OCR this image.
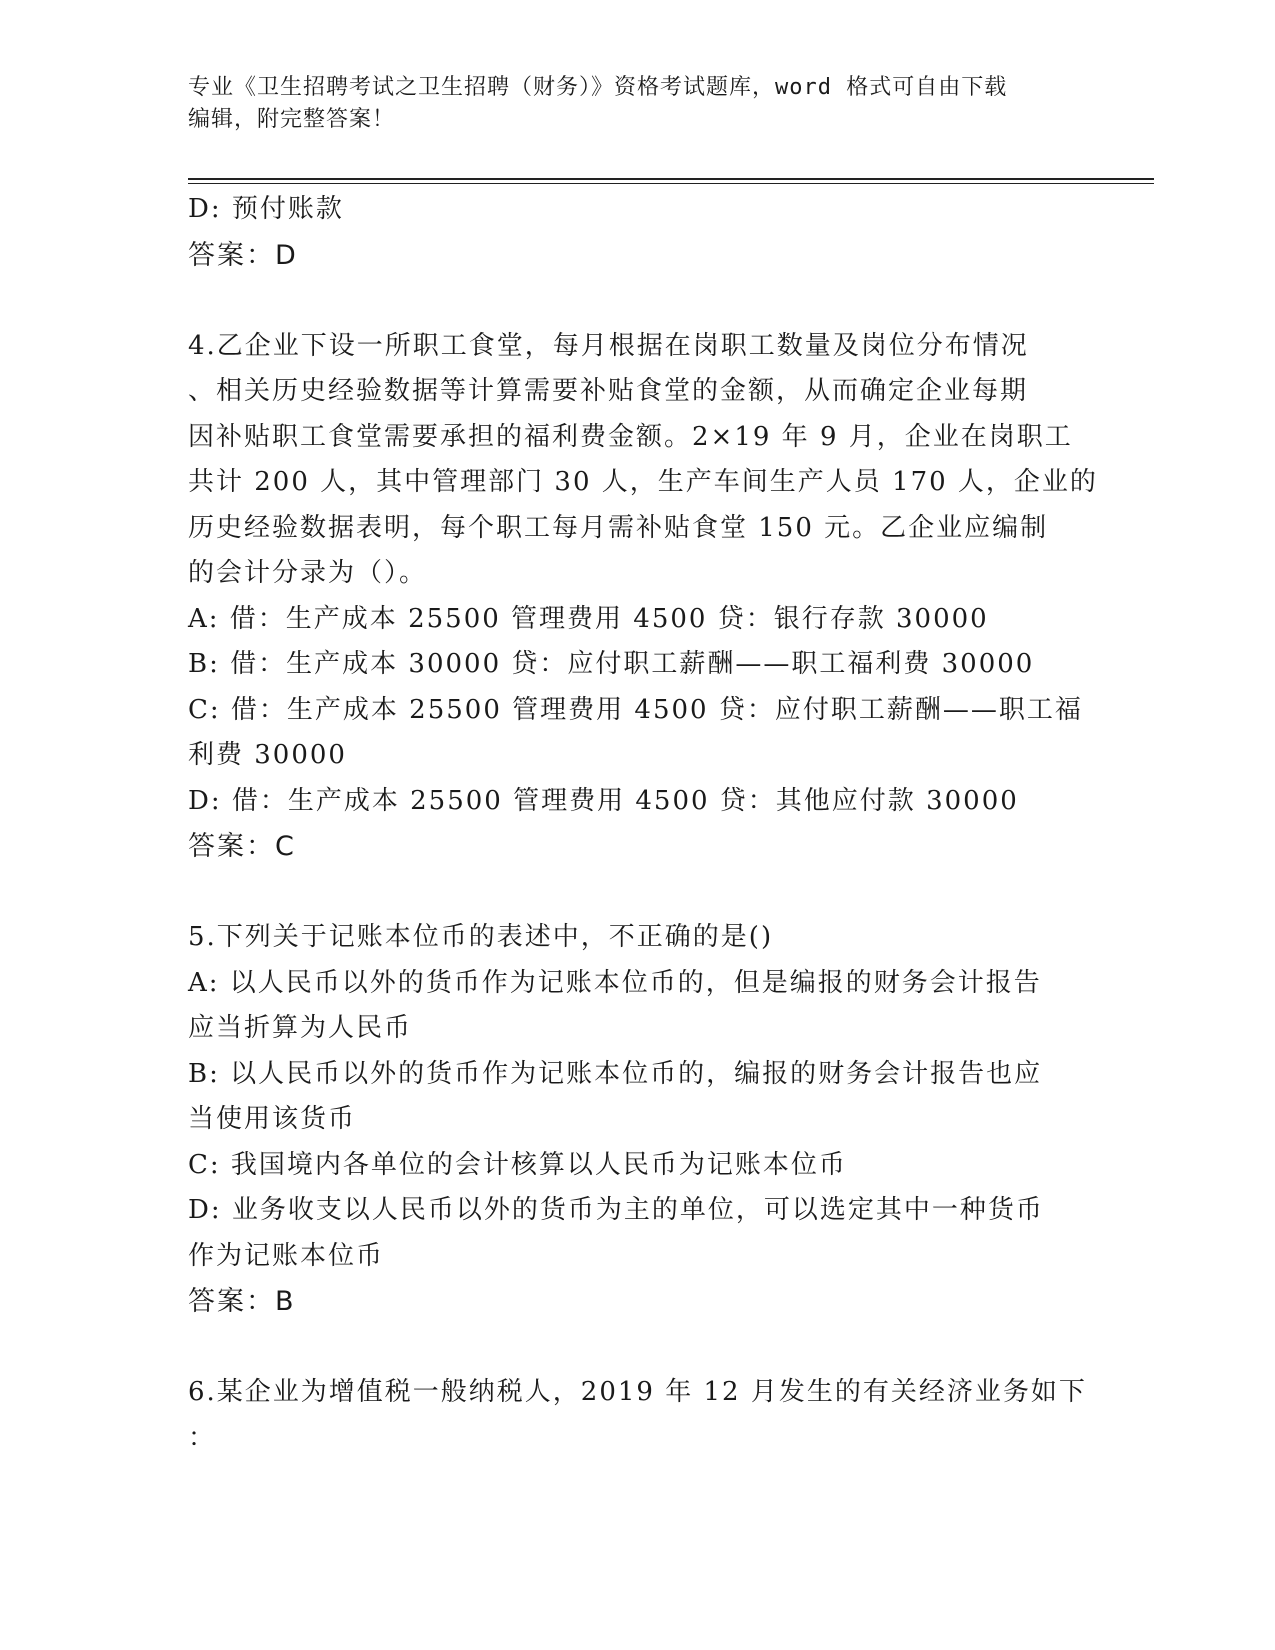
专业《卫生招聘考试之卫生招聘（财务）》资格考试题库，word 格式可自由下载
编辑，附完整答案！
D: 预付账款
答案：D
4.乙企业下设一所职工食堂，每月根据在岗职工数量及岗位分布情况
、相关历史经验数据等计算需要补贴食堂的金额，从而确定企业每期
因补贴职工食堂需要承担的福利费金额。2×19 年 9 月，企业在岗职工
共计 200 人，其中管理部门 30 人，生产车间生产人员 170 人，企业的
历史经验数据表明，每个职工每月需补贴食堂 150 元。乙企业应编制
的会计分录为（）。
A: 借：生产成本 25500 管理费用 4500 贷：银行存款 30000
B: 借：生产成本 30000 贷：应付职工薪酬——职工福利费 30000
C: 借：生产成本 25500 管理费用 4500 贷：应付职工薪酬——职工福
利费 30000
D: 借：生产成本 25500 管理费用 4500 贷：其他应付款 30000
答案：C
5.下列关于记账本位币的表述中，不正确的是()
A: 以人民币以外的货币作为记账本位币的，但是编报的财务会计报告
应当折算为人民币
B: 以人民币以外的货币作为记账本位币的，编报的财务会计报告也应
当使用该货币
C: 我国境内各单位的会计核算以人民币为记账本位币
D: 业务收支以人民币以外的货币为主的单位，可以选定其中一种货币
作为记账本位币
答案：B
6.某企业为增值税一般纳税人，2019 年 12 月发生的有关经济业务如下
：
